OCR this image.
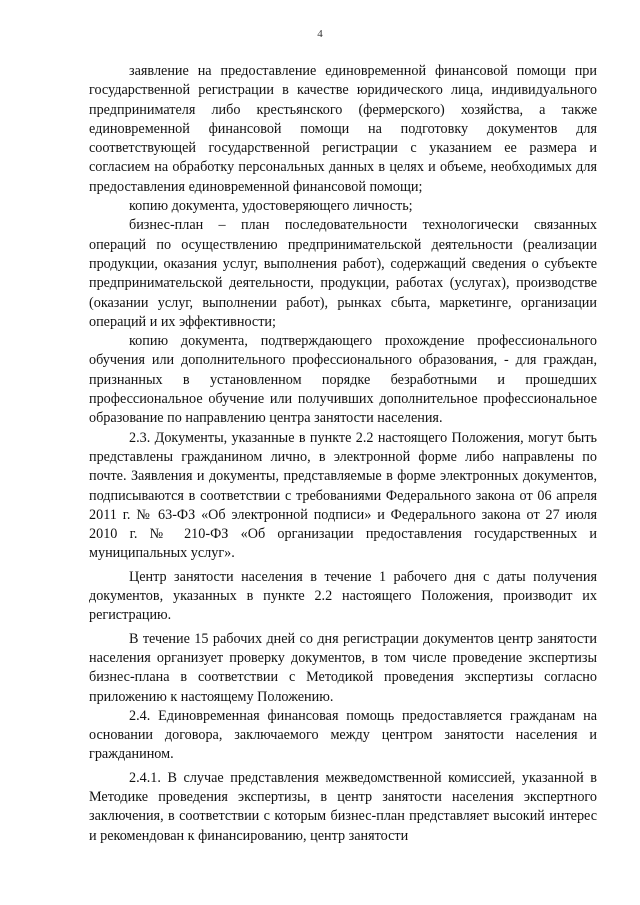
4

заявление на предоставление единовременной финансовой помощи при государственной регистрации в качестве юридического лица, индивидуального предпринимателя либо крестьянского (фермерского) хозяйства, а также единовременной финансовой помощи на подготовку документов для соответствующей государственной регистрации с указанием ее размера и согласием на обработку персональных данных в целях и объеме, необходимых для предоставления единовременной финансовой помощи;

копию документа, удостоверяющего личность;

бизнес-план – план последовательности технологически связанных операций по осуществлению предпринимательской деятельности (реализации продукции, оказания услуг, выполнения работ), содержащий сведения о субъекте предпринимательской деятельности, продукции, работах (услугах), производстве (оказании услуг, выполнении работ), рынках сбыта, маркетинге, организации операций и их эффективности;

копию документа, подтверждающего прохождение профессионального обучения или дополнительного профессионального образования, - для граждан, признанных в установленном порядке безработными и прошедших профессиональное обучение или получивших дополнительное профессиональное образование по направлению центра занятости населения.

2.3. Документы, указанные в пункте 2.2 настоящего Положения, могут быть представлены гражданином лично, в электронной форме либо направлены по почте. Заявления и документы, представляемые в форме электронных документов, подписываются в соответствии с требованиями Федерального закона от 06 апреля 2011 г. № 63-ФЗ «Об электронной подписи» и Федерального закона от 27 июля 2010 г. № 210-ФЗ «Об организации предоставления государственных и муниципальных услуг».

Центр занятости населения в течение 1 рабочего дня с даты получения документов, указанных в пункте 2.2 настоящего Положения, производит их регистрацию.

В течение 15 рабочих дней со дня регистрации документов центр занятости населения организует проверку документов, в том числе проведение экспертизы бизнес-плана в соответствии с Методикой проведения экспертизы согласно приложению к настоящему Положению.

2.4. Единовременная финансовая помощь предоставляется гражданам на основании договора, заключаемого между центром занятости населения и гражданином.

2.4.1. В случае представления межведомственной комиссией, указанной в Методике проведения экспертизы, в центр занятости населения экспертного заключения, в соответствии с которым бизнес-план представляет высокий интерес и рекомендован к финансированию, центр занятости
